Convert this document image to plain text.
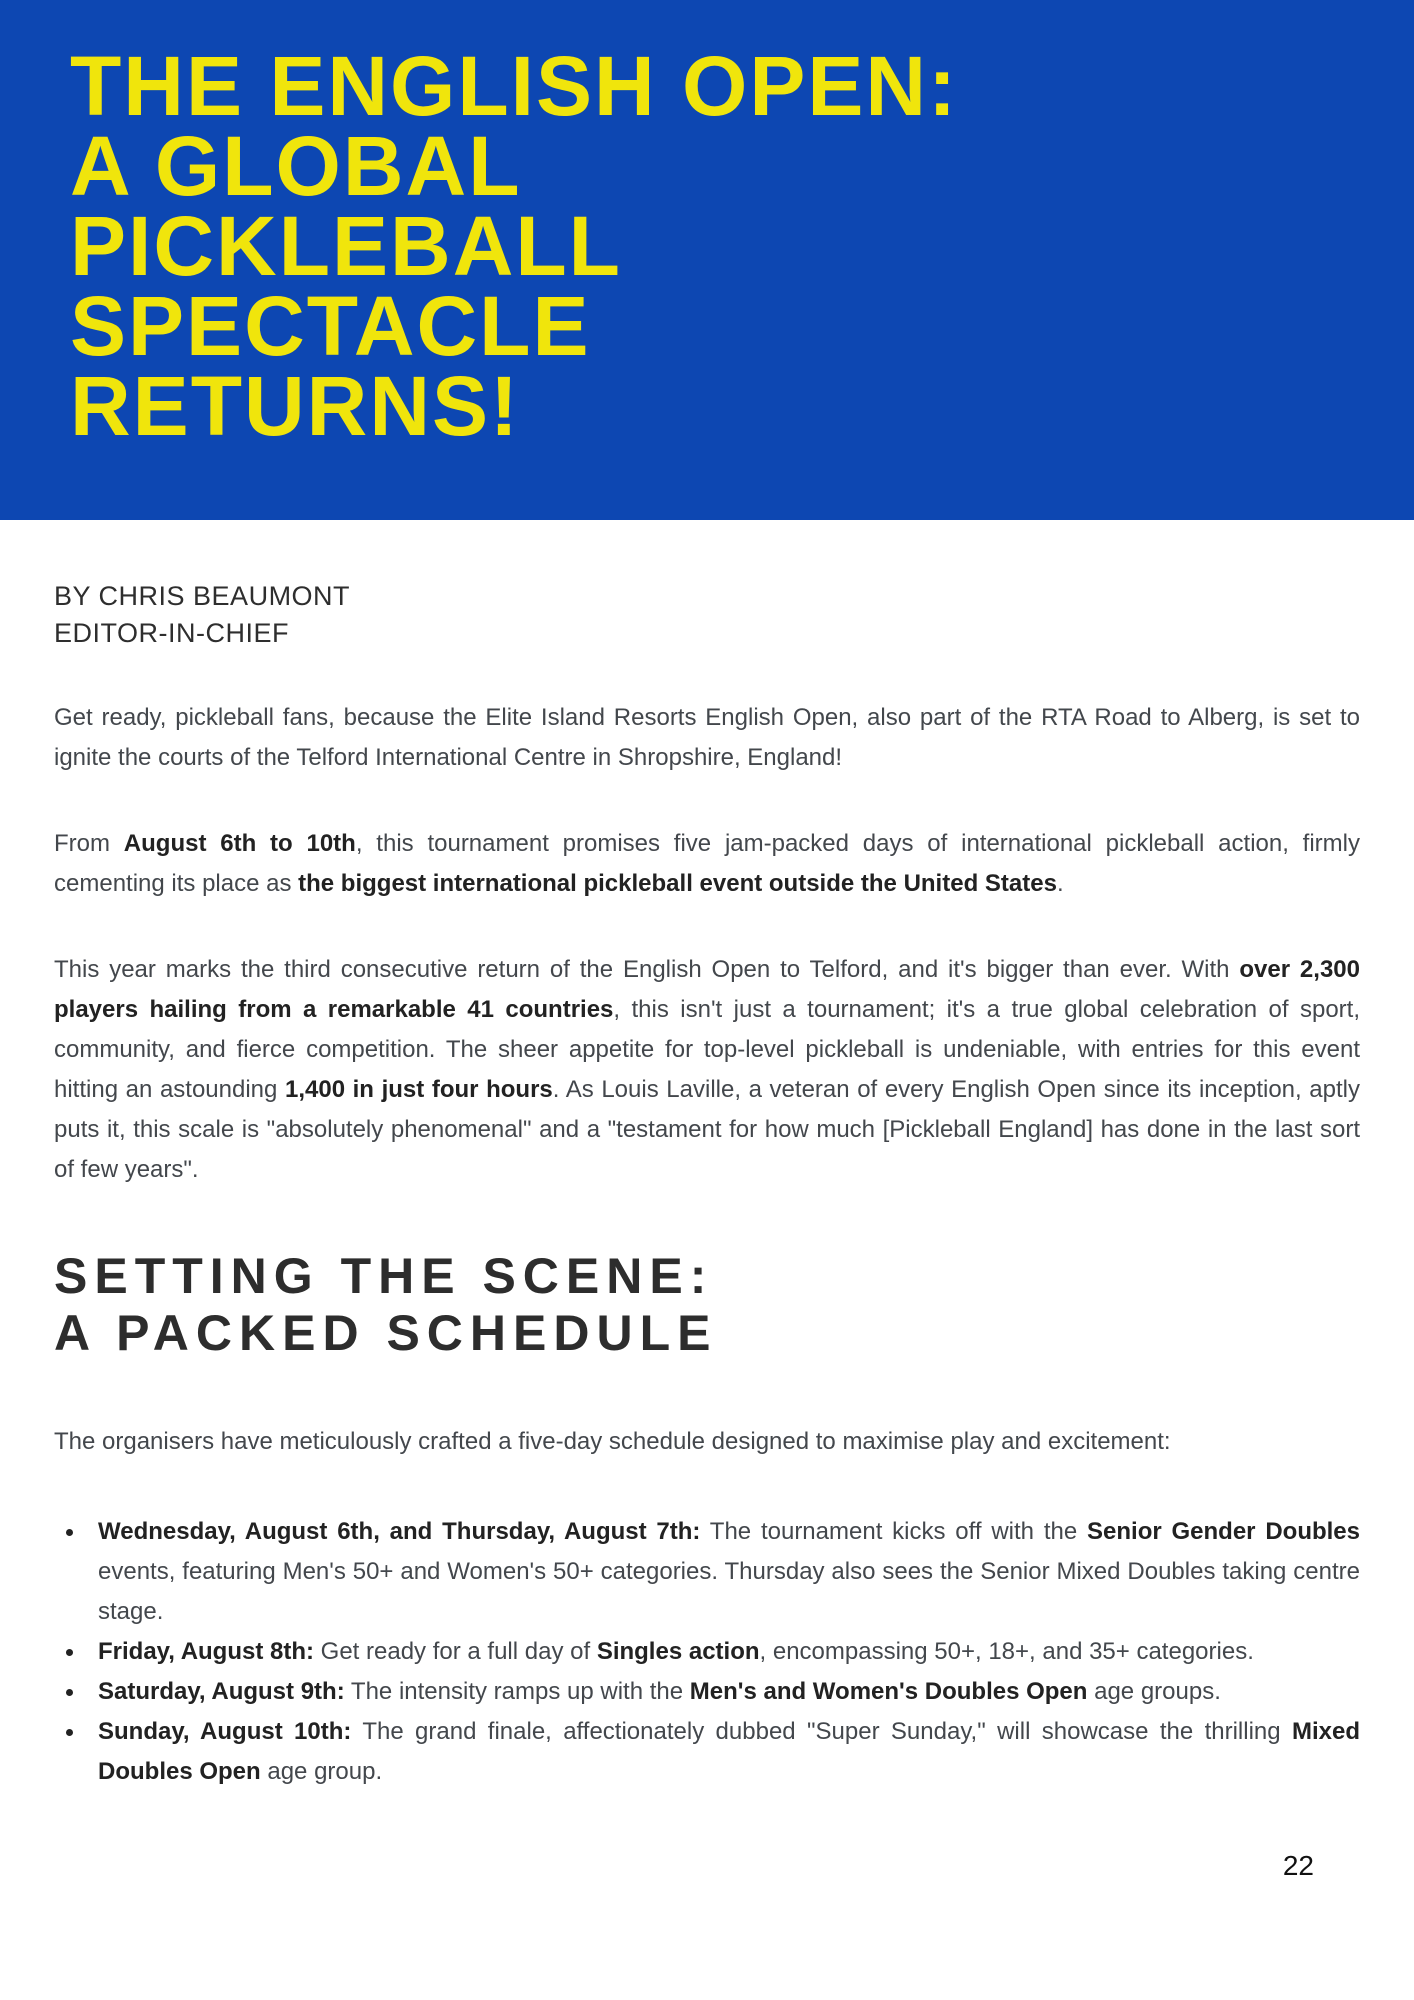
THE ENGLISH OPEN:
A GLOBAL
PICKLEBALL
SPECTACLE
RETURNS!
BY CHRIS BEAUMONT
EDITOR-IN-CHIEF

Get ready, pickleball fans, because the Elite Island Resorts English Open, also part of the RTA Road to Alberg, is set to ignite the courts of the Telford International Centre in Shropshire, England!

From August 6th to 10th, this tournament promises five jam-packed days of international pickleball action, firmly cementing its place as the biggest international pickleball event outside the United States.

This year marks the third consecutive return of the English Open to Telford, and it's bigger than ever. With over 2,300 players hailing from a remarkable 41 countries, this isn't just a tournament; it's a true global celebration of sport, community, and fierce competition. The sheer appetite for top-level pickleball is undeniable, with entries for this event hitting an astounding 1,400 in just four hours. As Louis Laville, a veteran of every English Open since its inception, aptly puts it, this scale is "absolutely phenomenal" and a "testament for how much [Pickleball England] has done in the last sort of few years".

SETTING THE SCENE:
A PACKED SCHEDULE

The organisers have meticulously crafted a five-day schedule designed to maximise play and excitement:

• Wednesday, August 6th, and Thursday, August 7th: The tournament kicks off with the Senior Gender Doubles events, featuring Men's 50+ and Women's 50+ categories. Thursday also sees the Senior Mixed Doubles taking centre stage.
• Friday, August 8th: Get ready for a full day of Singles action, encompassing 50+, 18+, and 35+ categories.
• Saturday, August 9th: The intensity ramps up with the Men's and Women's Doubles Open age groups.
• Sunday, August 10th: The grand finale, affectionately dubbed "Super Sunday," will showcase the thrilling Mixed Doubles Open age group.
22
